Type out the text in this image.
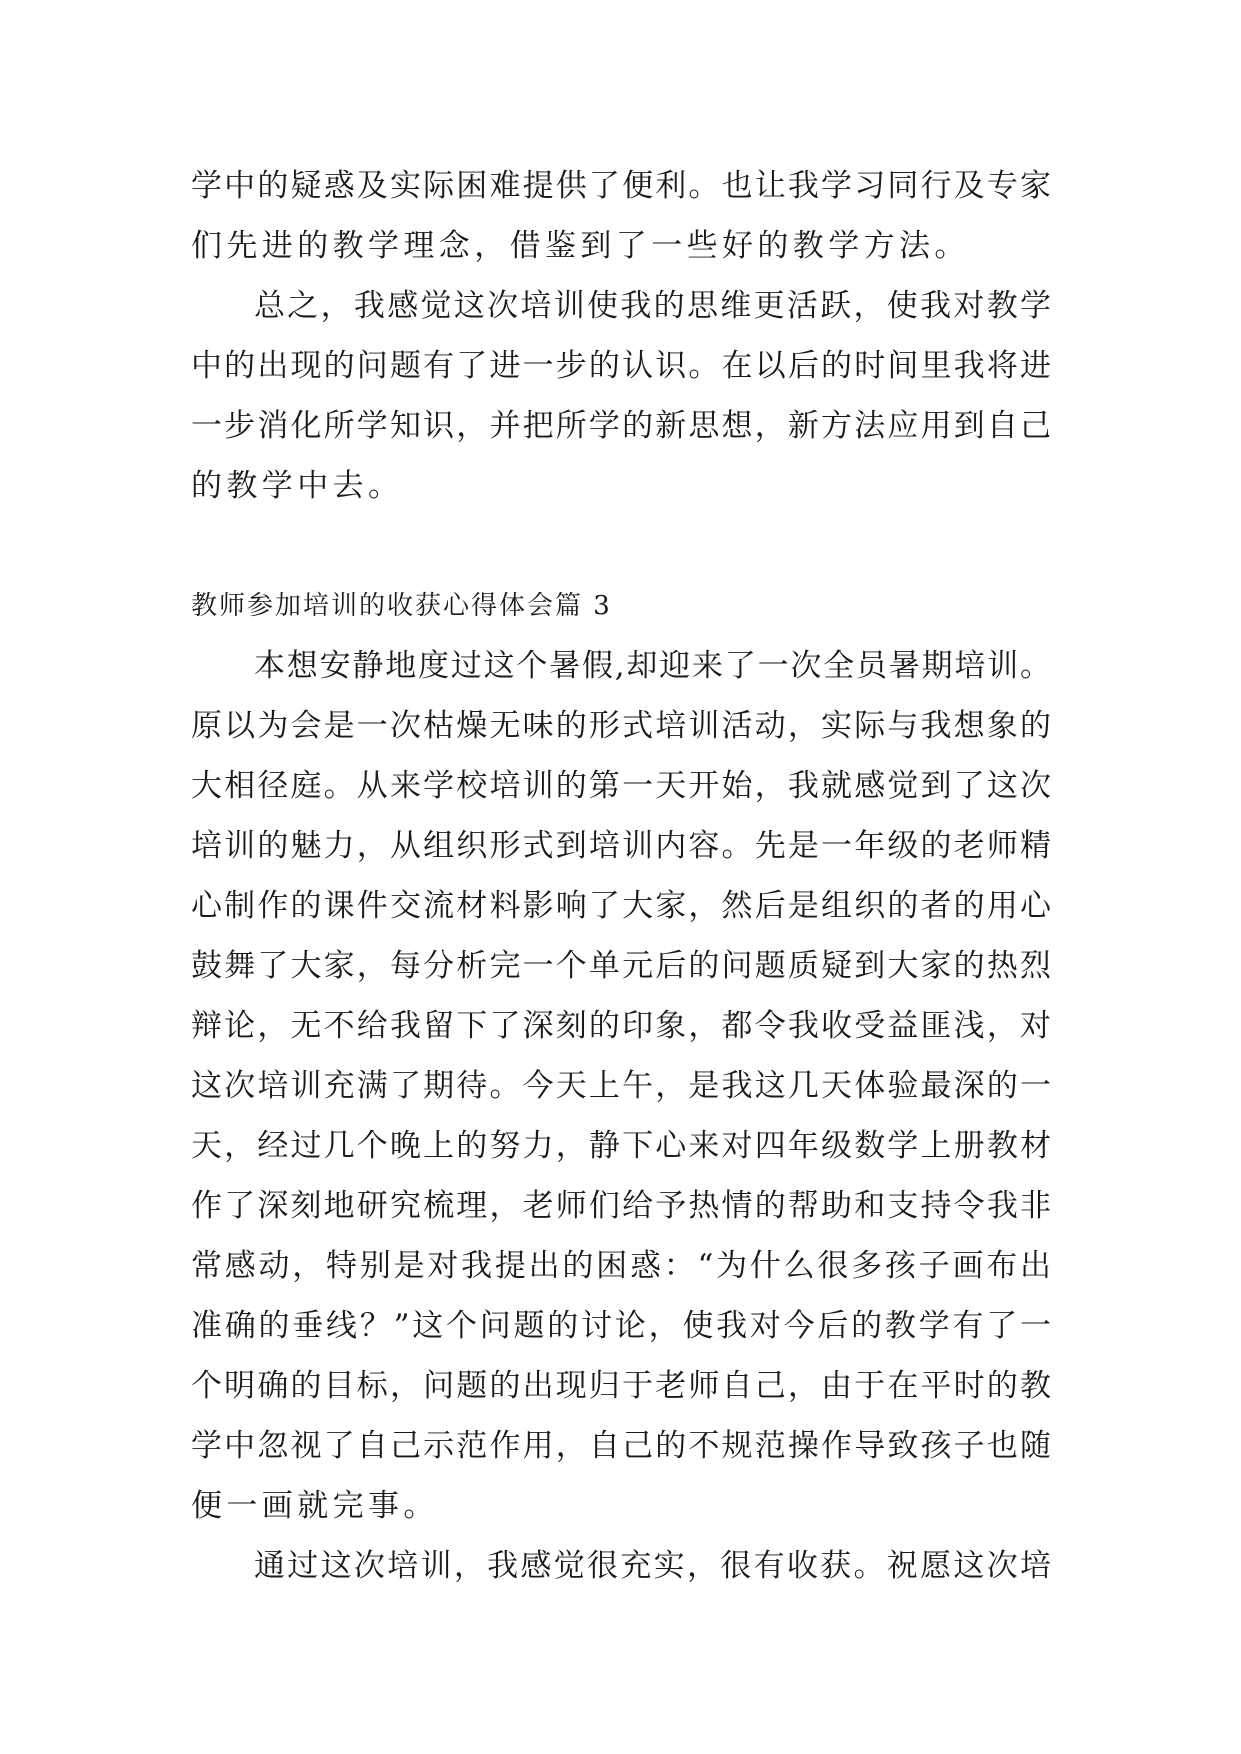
学中的疑惑及实际困难提供了便利。也让我学习同行及专家
们先进的教学理念，借鉴到了一些好的教学方法。
总之，我感觉这次培训使我的思维更活跃，使我对教学
中的出现的问题有了进一步的认识。在以后的时间里我将进
一步消化所学知识，并把所学的新思想，新方法应用到自己
的教学中去。
教师参加培训的收获心得体会篇 3
本想安静地度过这个暑假,却迎来了一次全员暑期培训。
原以为会是一次枯燥无味的形式培训活动，实际与我想象的
大相径庭。从来学校培训的第一天开始，我就感觉到了这次
培训的魅力，从组织形式到培训内容。先是一年级的老师精
心制作的课件交流材料影响了大家，然后是组织的者的用心
鼓舞了大家，每分析完一个单元后的问题质疑到大家的热烈
辩论，无不给我留下了深刻的印象，都令我收受益匪浅，对
这次培训充满了期待。今天上午，是我这几天体验最深的一
天，经过几个晚上的努力，静下心来对四年级数学上册教材
作了深刻地研究梳理，老师们给予热情的帮助和支持令我非
常感动，特别是对我提出的困惑：“为什么很多孩子画布出
准确的垂线？”这个问题的讨论，使我对今后的教学有了一
个明确的目标，问题的出现归于老师自己，由于在平时的教
学中忽视了自己示范作用，自己的不规范操作导致孩子也随
便一画就完事。
通过这次培训，我感觉很充实，很有收获。祝愿这次培
